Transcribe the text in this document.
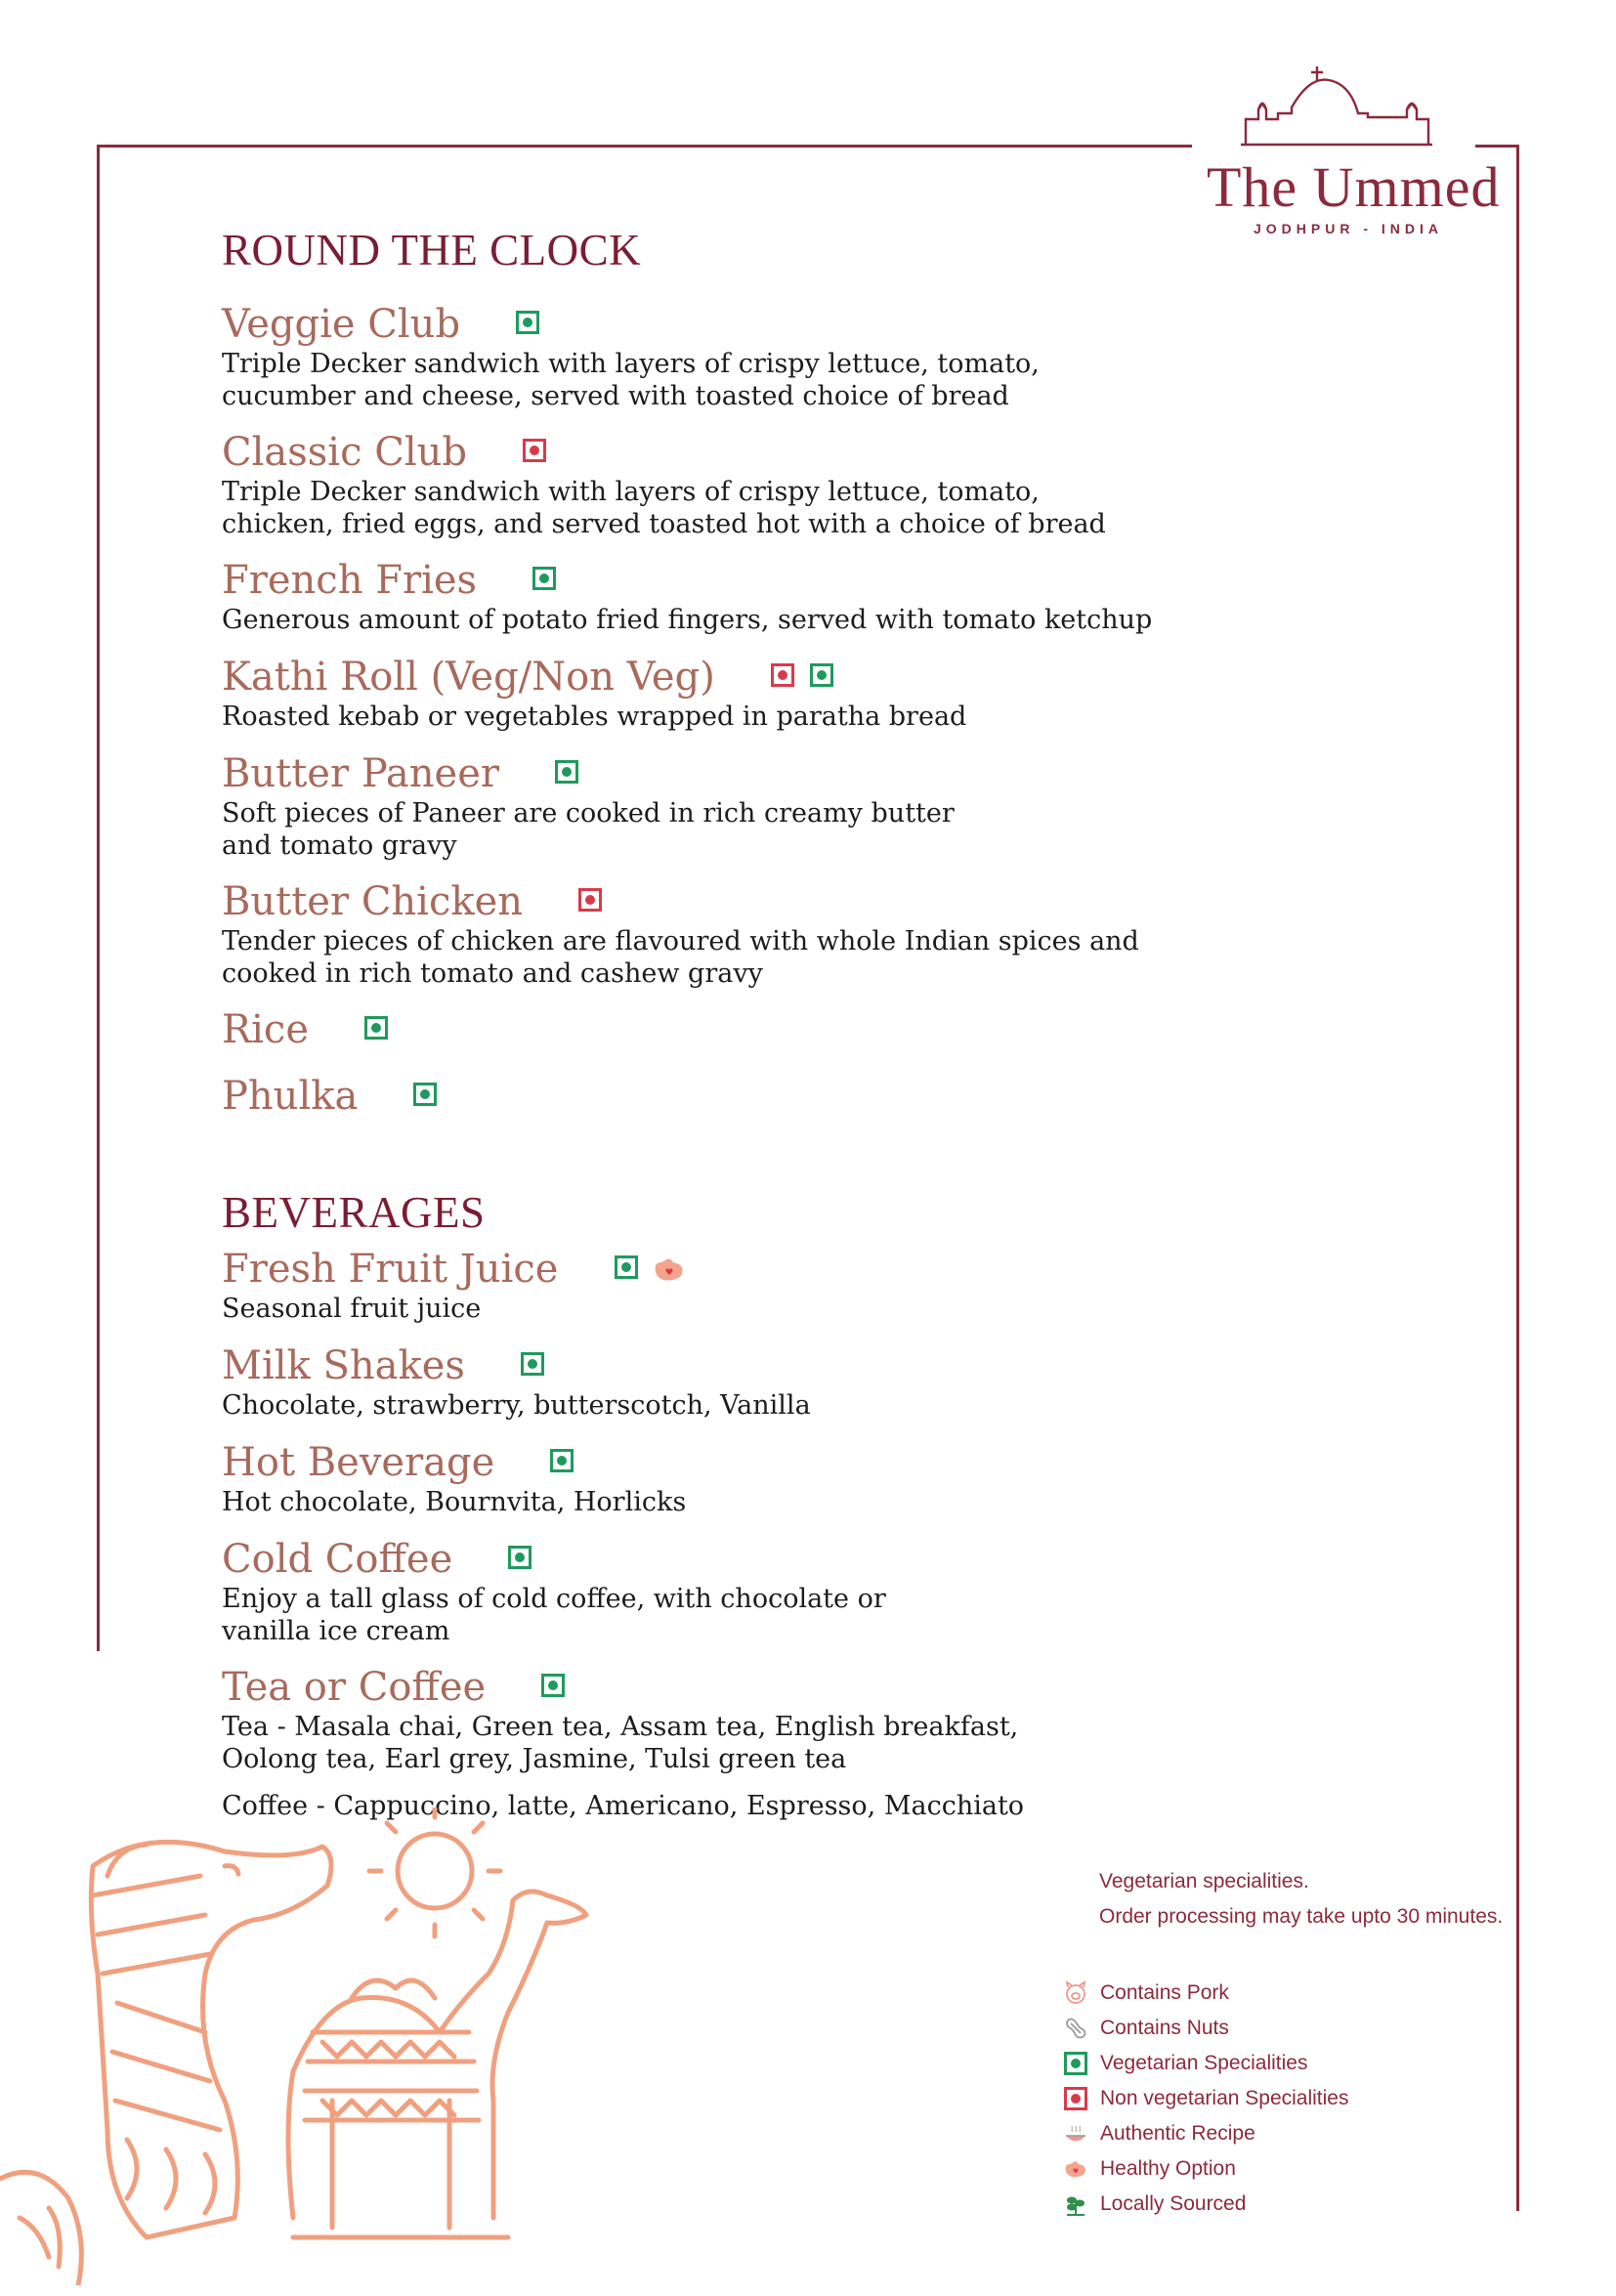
The Ummed
JODHPUR - INDIA
ROUND THE CLOCK
Veggie Club
Triple Decker sandwich with layers of crispy lettuce, tomato,
cucumber and cheese, served with toasted choice of bread
Classic Club
Triple Decker sandwich with layers of crispy lettuce, tomato,
chicken, fried eggs, and served toasted hot with a choice of bread
French Fries
Generous amount of potato fried fingers, served with tomato ketchup
Kathi Roll (Veg/Non Veg)
Roasted kebab or vegetables wrapped in paratha bread
Butter Paneer
Soft pieces of Paneer are cooked in rich creamy butter
and tomato gravy
Butter Chicken
Tender pieces of chicken are flavoured with whole Indian spices and
cooked in rich tomato and cashew gravy
Rice
Phulka
BEVERAGES
Fresh Fruit Juice
Seasonal fruit juice
Milk Shakes
Chocolate, strawberry, butterscotch, Vanilla
Hot Beverage
Hot chocolate, Bournvita, Horlicks
Cold Coffee
Enjoy a tall glass of cold coffee, with chocolate or
vanilla ice cream
Tea or Coffee
Tea - Masala chai, Green tea, Assam tea, English breakfast,
Oolong tea, Earl grey, Jasmine, Tulsi green tea
Coffee - Cappuccino, latte, Americano, Espresso, Macchiato
Vegetarian specialities.
Order processing may take upto 30 minutes.
Contains Pork
Contains Nuts
Vegetarian Specialities
Non vegetarian Specialities
Authentic Recipe
Healthy Option
Locally Sourced
